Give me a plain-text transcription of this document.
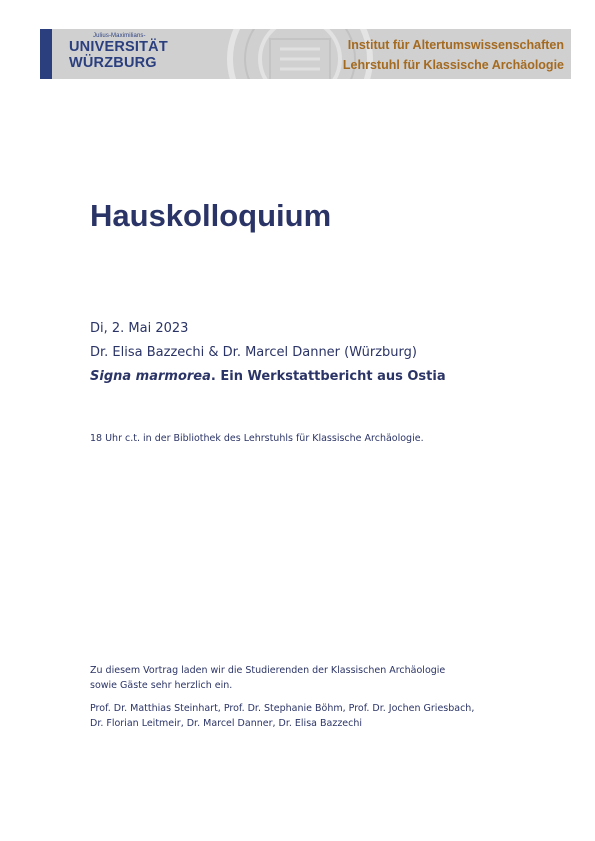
Julius-Maximilians-
UNIVERSITÄT
WÜRZBURG
Institut für Altertumswissenschaften
Lehrstuhl für Klassische Archäologie
Hauskolloquium
Di, 2. Mai 2023
Dr. Elisa Bazzechi & Dr. Marcel Danner (Würzburg)
Signa marmorea. Ein Werkstattbericht aus Ostia
18 Uhr c.t. in der Bibliothek des Lehrstuhls für Klassische Archäologie.
Zu diesem Vortrag laden wir die Studierenden der Klassischen Archäologie
sowie Gäste sehr herzlich ein.
Prof. Dr. Matthias Steinhart, Prof. Dr. Stephanie Böhm, Prof. Dr. Jochen Griesbach,
Dr. Florian Leitmeir, Dr. Marcel Danner, Dr. Elisa Bazzechi
